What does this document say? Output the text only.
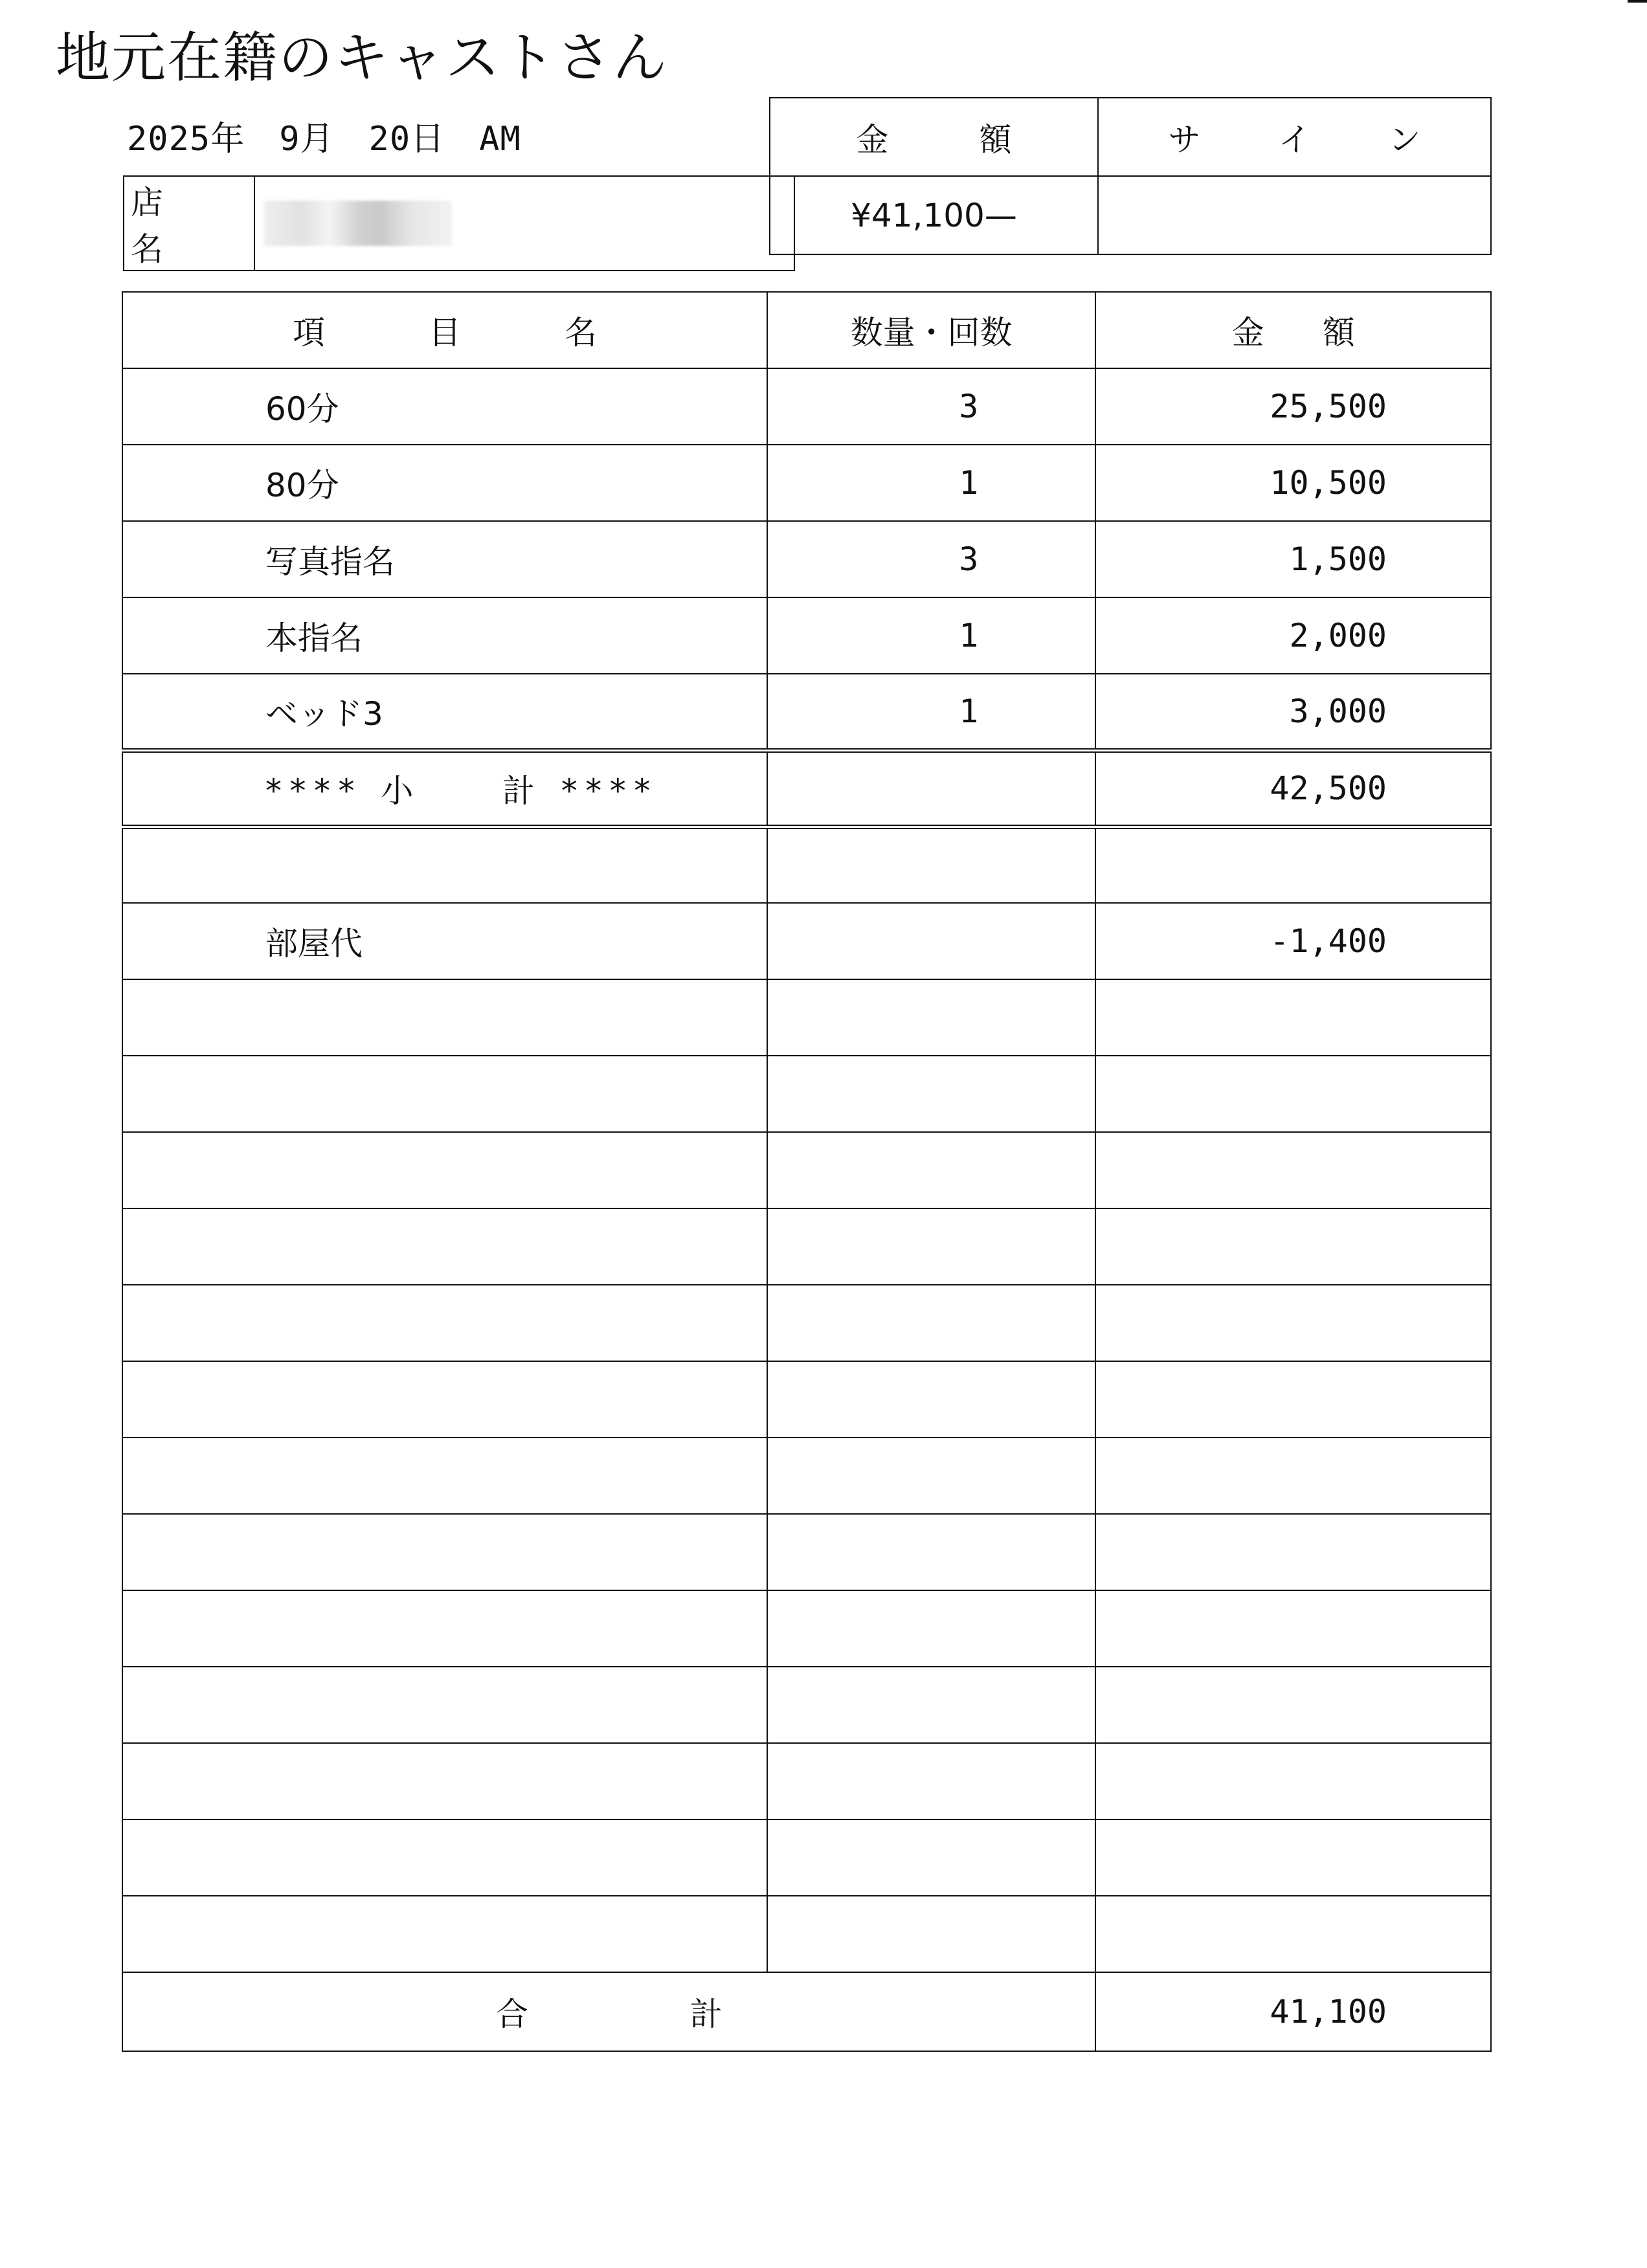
地元在籍のキャストさん
2025年　9月　20日　AM	金　額	サ　イ　ン
¥41,100—	
店　名	
項目名	数量・回数	金額
60分	3	25,500
80分	1	10,500
写真指名	3	1,500
本指名	1	2,000
ベッド3	1	3,000
**** 小　　計 ****		42,500

部屋代		-1,400

合計		41,100
